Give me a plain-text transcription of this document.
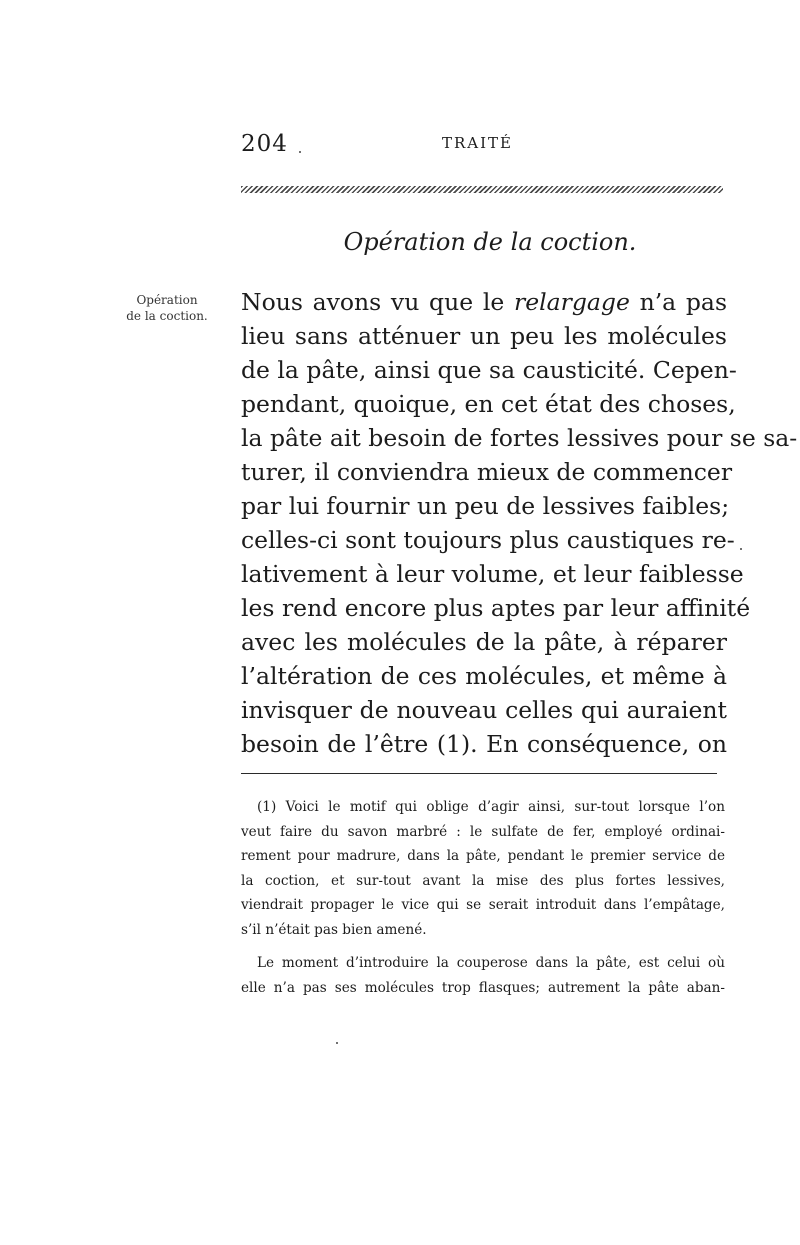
204	TRAITÉ
Opération de la coction.
Opération
de la coction.	Nous avons vu que le relargage n’a pas
lieu sans atténuer un peu les molécules
de la pâte, ainsi que sa causticité. Cepen-
pendant, quoique, en cet état des choses,
la pâte ait besoin de fortes lessives pour se sa-
turer, il conviendra mieux de commencer
par lui fournir un peu de lessives faibles;
celles-ci sont toujours plus caustiques re-
lativement à leur volume, et leur faiblesse
les rend encore plus aptes par leur affinité
avec les molécules de la pâte, à réparer
l’altération de ces molécules, et même à
invisquer de nouveau celles qui auraient
besoin de l’être (1). En conséquence, on
(1) Voici le motif qui oblige d’agir ainsi, sur-tout lorsque l’on
veut faire du savon marbré : le sulfate de fer, employé ordinai-
rement pour madrure, dans la pâte, pendant le premier service de
la coction, et sur-tout avant la mise des plus fortes lessives,
viendrait propager le vice qui se serait introduit dans l’empâtage,
s’il n’était pas bien amené.
Le moment d’introduire la couperose dans la pâte, est celui où
elle n’a pas ses molécules trop flasques; autrement la pâte aban-
